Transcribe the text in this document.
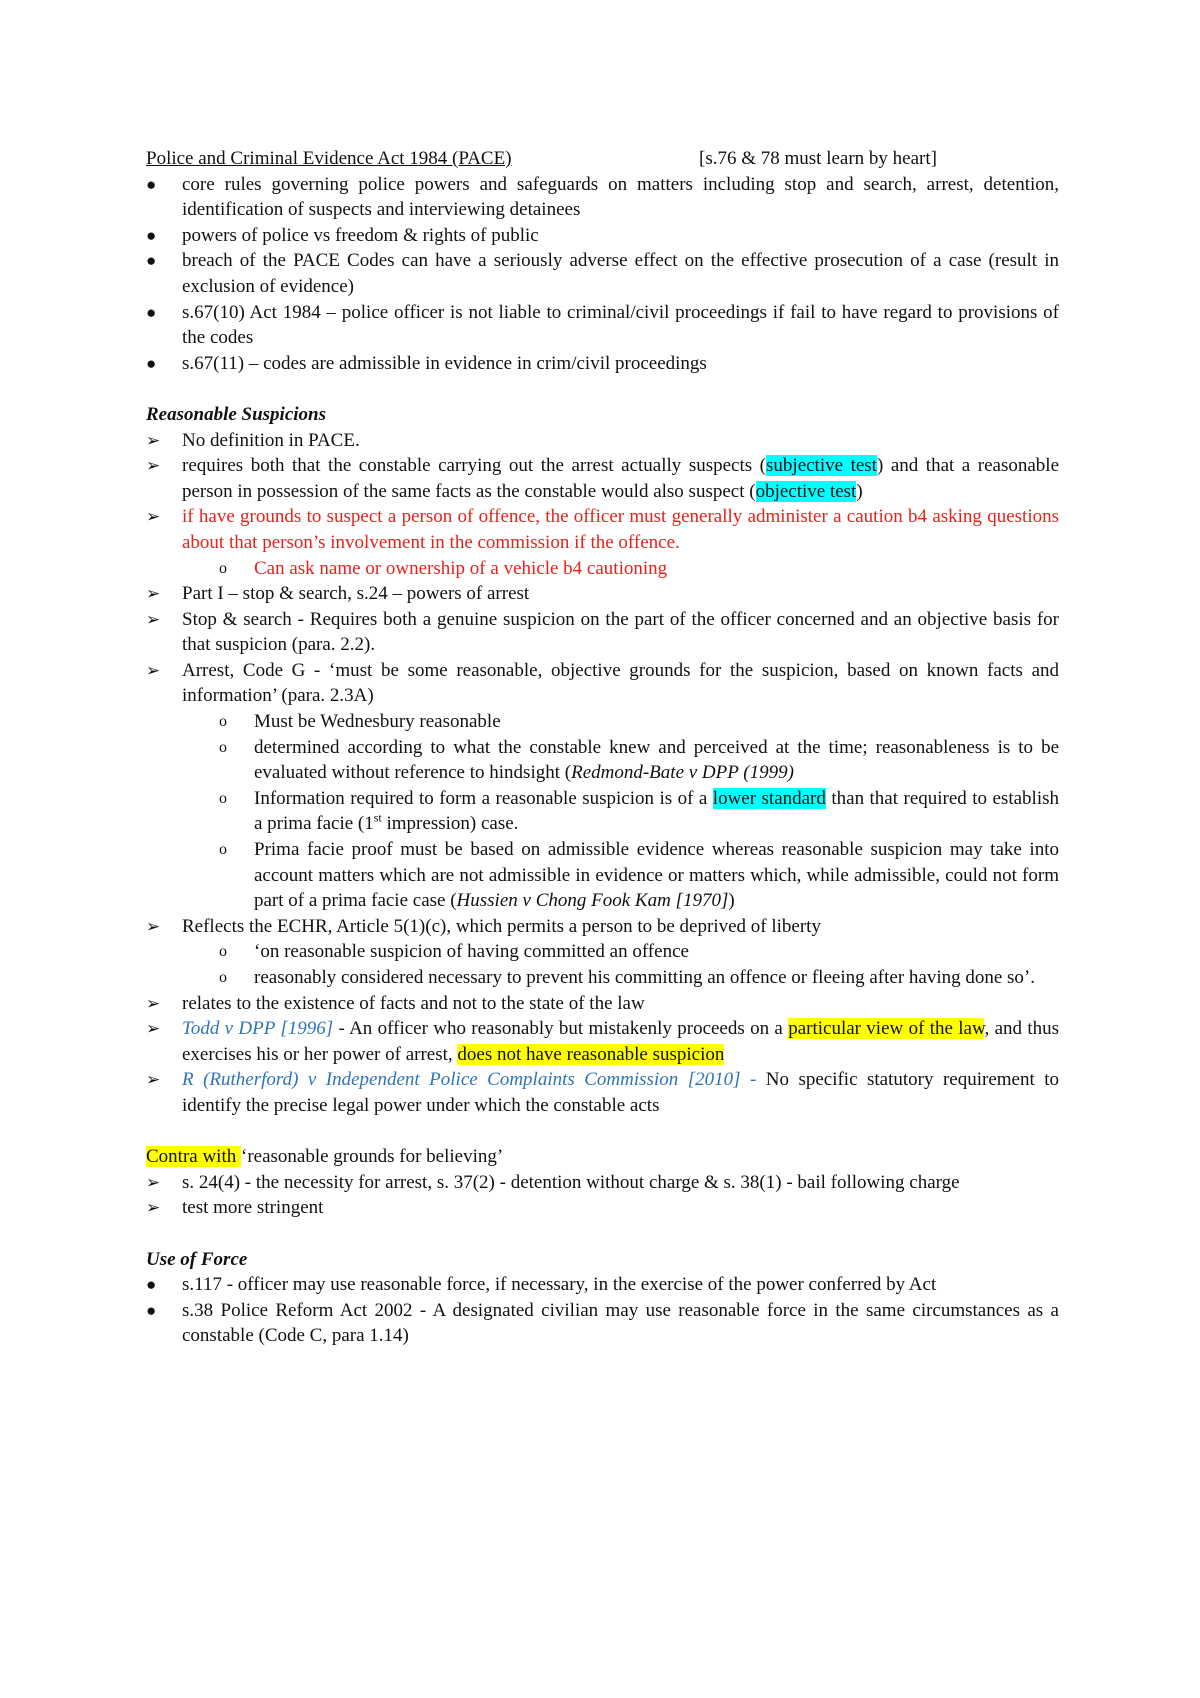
Police and Criminal Evidence Act 1984 (PACE)	[s.76 & 78 must learn by heart]
●	core rules governing police powers and safeguards on matters including stop and search, arrest, detention, identification of suspects and interviewing detainees
●	powers of police vs freedom & rights of public
●	breach of the PACE Codes can have a seriously adverse effect on the effective prosecution of a case (result in exclusion of evidence)
●	s.67(10) Act 1984 – police officer is not liable to criminal/civil proceedings if fail to have regard to provisions of the codes
●	s.67(11) – codes are admissible in evidence in crim/civil proceedings
Reasonable Suspicions
➢	No definition in PACE.
➢	requires both that the constable carrying out the arrest actually suspects (subjective test) and that a reasonable person in possession of the same facts as the constable would also suspect (objective test)
➢	if have grounds to suspect a person of offence, the officer must generally administer a caution b4 asking questions about that person’s involvement in the commission if the offence.
o Can ask name or ownership of a vehicle b4 cautioning
➢	Part I – stop & search, s.24 – powers of arrest
➢	Stop & search - Requires both a genuine suspicion on the part of the officer concerned and an objective basis for that suspicion (para. 2.2).
➢	Arrest, Code G - ‘must be some reasonable, objective grounds for the suspicion, based on known facts and information’ (para. 2.3A)
o Must be Wednesbury reasonable
o determined according to what the constable knew and perceived at the time; reasonableness is to be evaluated without reference to hindsight (Redmond-Bate v DPP (1999)
o Information required to form a reasonable suspicion is of a lower standard than that required to establish a prima facie (1st impression) case.
o Prima facie proof must be based on admissible evidence whereas reasonable suspicion may take into account matters which are not admissible in evidence or matters which, while admissible, could not form part of a prima facie case (Hussien v Chong Fook Kam [1970])
➢	Reflects the ECHR, Article 5(1)(c), which permits a person to be deprived of liberty
o ‘on reasonable suspicion of having committed an offence
o reasonably considered necessary to prevent his committing an offence or fleeing after having done so’.
➢	relates to the existence of facts and not to the state of the law
➢	Todd v DPP [1996] - An officer who reasonably but mistakenly proceeds on a particular view of the law, and thus exercises his or her power of arrest, does not have reasonable suspicion
➢	R (Rutherford) v Independent Police Complaints Commission [2010] - No specific statutory requirement to identify the precise legal power under which the constable acts
Contra with ‘reasonable grounds for believing’
➢	s. 24(4) - the necessity for arrest, s. 37(2) - detention without charge & s. 38(1) - bail following charge
➢	test more stringent
Use of Force
●	s.117 - officer may use reasonable force, if necessary, in the exercise of the power conferred by Act
●	s.38 Police Reform Act 2002 - A designated civilian may use reasonable force in the same circumstances as a constable (Code C, para 1.14)
